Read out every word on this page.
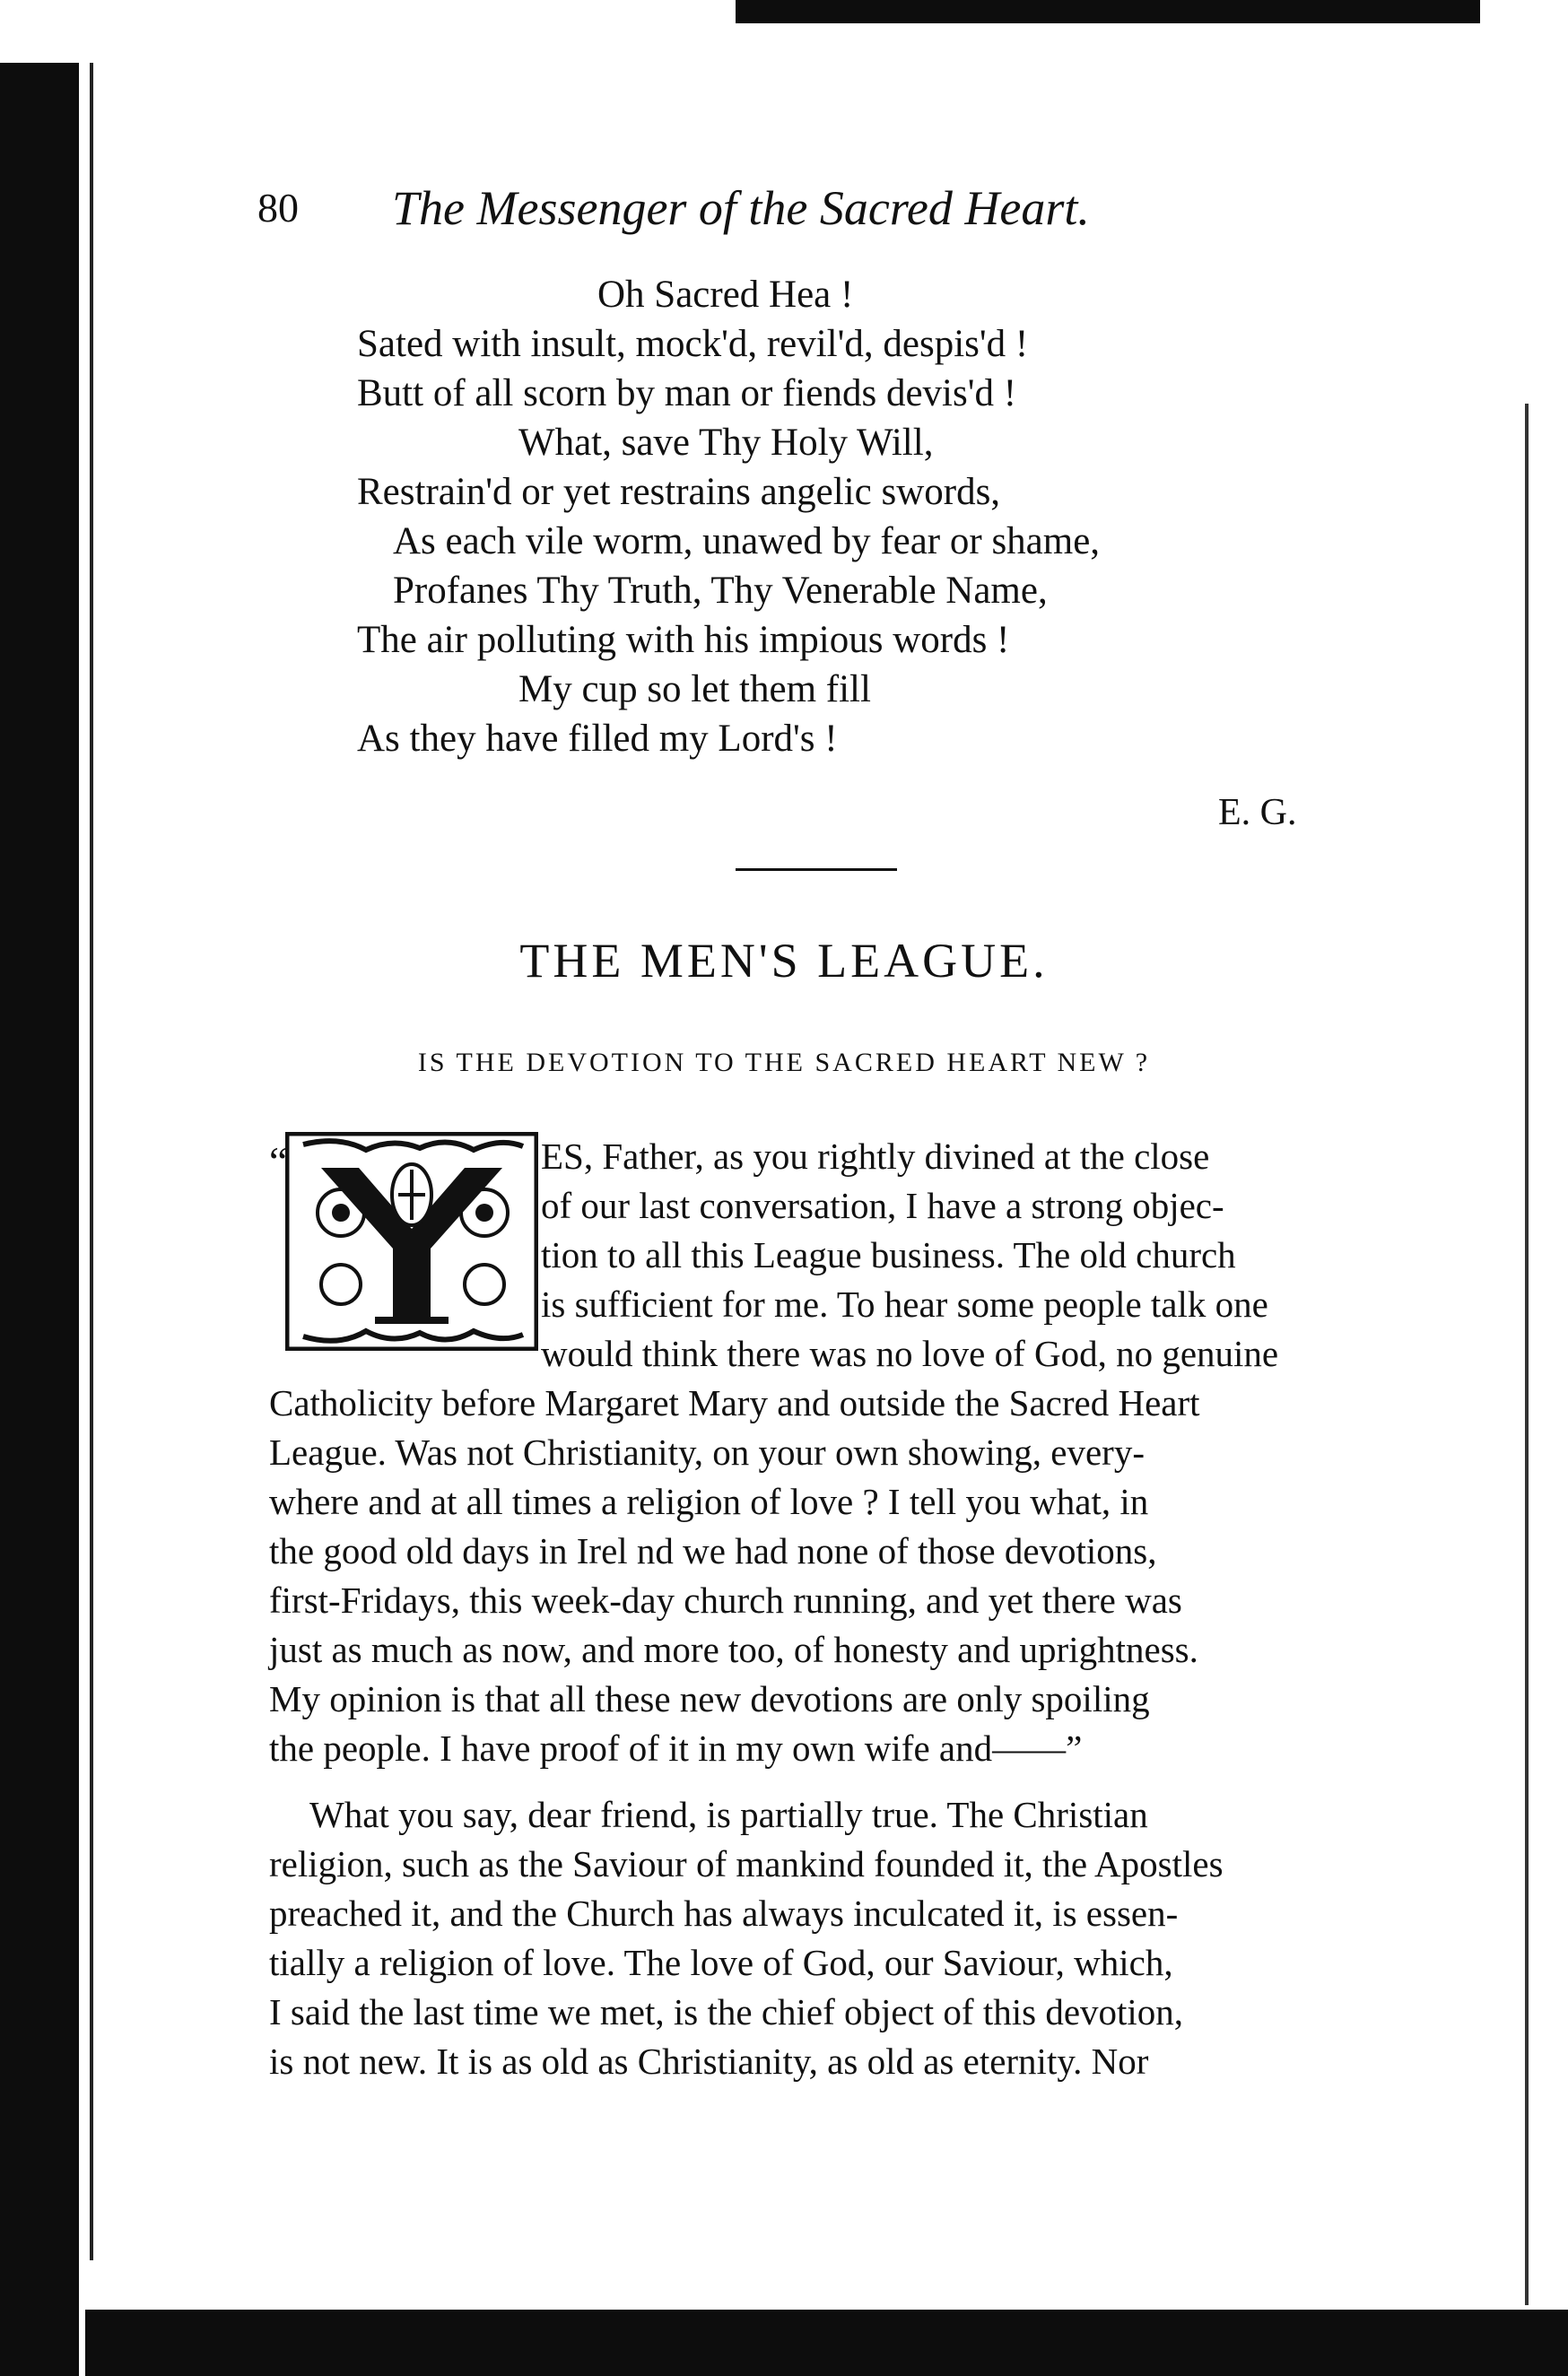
80 The Messenger of the Sacred Heart.
Oh Sacred Hea !
Sated with insult, mock'd, revil'd, despis'd !
Butt of all scorn by man or fiends devis'd !
What, save Thy Holy Will,
Restrain'd or yet restrains angelic swords,
As each vile worm, unawed by fear or shame,
Profanes Thy Truth, Thy Venerable Name,
The air polluting with his impious words !
My cup so let them fill
As they have filled my Lord's !
E. G.
THE MEN'S LEAGUE.
IS THE DEVOTION TO THE SACRED HEART NEW ?
“	ES, Father, as you rightly divined at the close
of our last conversation, I have a strong objec-
tion to all this League business. The old church
is sufficient for me. To hear some people talk one
would think there was no love of God, no genuine
Catholicity before Margaret Mary and outside the Sacred Heart
League. Was not Christianity, on your own showing, every-
where and at all times a religion of love ? I tell you what, in
the good old days in Irel nd we had none of those devotions,
first-Fridays, this week-day church running, and yet there was
just as much as now, and more too, of honesty and uprightness.
My opinion is that all these new devotions are only spoiling
the people. I have proof of it in my own wife and——”
What you say, dear friend, is partially true. The Christian
religion, such as the Saviour of mankind founded it, the Apostles
preached it, and the Church has always inculcated it, is essen-
tially a religion of love. The love of God, our Saviour, which,
I said the last time we met, is the chief object of this devotion,
is not new. It is as old as Christianity, as old as eternity. Nor
